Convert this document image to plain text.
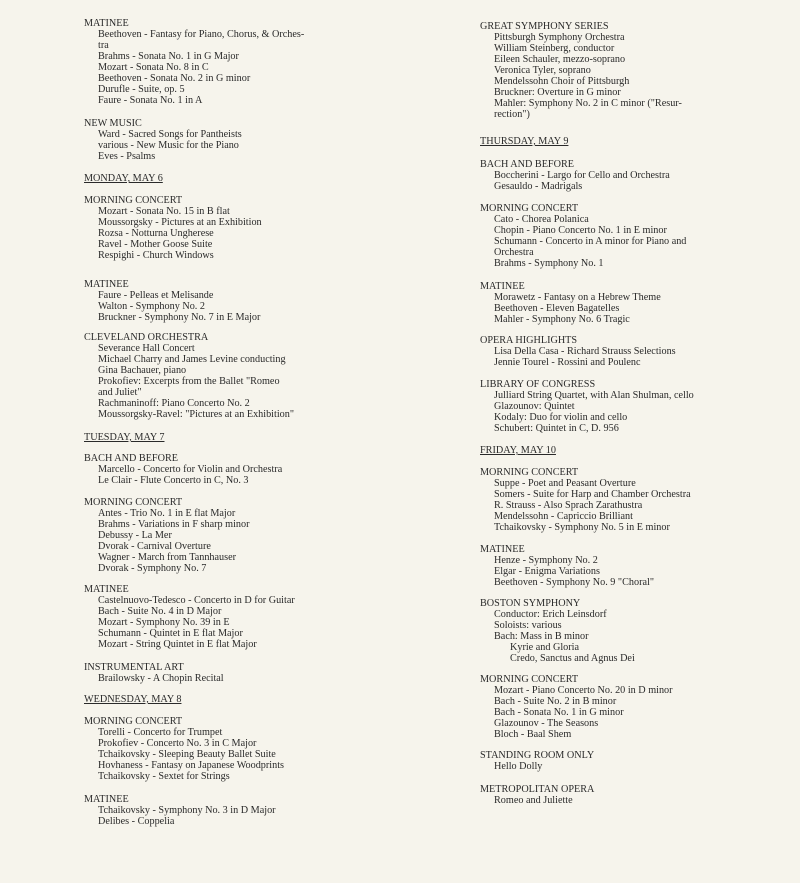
MATINEE
Beethoven - Fantasy for Piano, Chorus, & Orches-
tra
Brahms - Sonata No. 1 in G Major
Mozart - Sonata No. 8 in C
Beethoven - Sonata No. 2 in G minor
Durufle - Suite, op. 5
Faure - Sonata No. 1 in A
NEW MUSIC
Ward - Sacred Songs for Pantheists
various - New Music for the Piano
Eves - Psalms
MONDAY, MAY 6
MORNING CONCERT
Mozart - Sonata No. 15 in B flat
Moussorgsky - Pictures at an Exhibition
Rozsa - Notturna Ungherese
Ravel - Mother Goose Suite
Respighi - Church Windows
MATINEE
Faure - Pelleas et Melisande
Walton - Symphony No. 2
Bruckner - Symphony No. 7 in E Major
CLEVELAND ORCHESTRA
Severance Hall Concert
Michael Charry and James Levine conducting
Gina Bachauer, piano
Prokofiev: Excerpts from the Ballet "Romeo
and Juliet"
Rachmaninoff: Piano Concerto No. 2
Moussorgsky-Ravel: "Pictures at an Exhibition"
TUESDAY, MAY 7
BACH AND BEFORE
Marcello - Concerto for Violin and Orchestra
Le Clair - Flute Concerto in C, No. 3
MORNING CONCERT
Antes - Trio No. 1 in E flat Major
Brahms - Variations in F sharp minor
Debussy - La Mer
Dvorak - Carnival Overture
Wagner - March from Tannhauser
Dvorak - Symphony No. 7
MATINEE
Castelnuovo-Tedesco - Concerto in D for Guitar
Bach - Suite No. 4 in D Major
Mozart - Symphony No. 39 in E
Schumann - Quintet in E flat Major
Mozart - String Quintet in E flat Major
INSTRUMENTAL ART
Brailowsky - A Chopin Recital
WEDNESDAY, MAY 8
MORNING CONCERT
Torelli - Concerto for Trumpet
Prokofiev - Concerto No. 3 in C Major
Tchaikovsky - Sleeping Beauty Ballet Suite
Hovhaness - Fantasy on Japanese Woodprints
Tchaikovsky - Sextet for Strings
MATINEE
Tchaikovsky - Symphony No. 3 in D Major
Delibes - Coppelia
GREAT SYMPHONY SERIES
Pittsburgh Symphony Orchestra
William Steinberg, conductor
Eileen Schauler, mezzo-soprano
Veronica Tyler, soprano
Mendelssohn Choir of Pittsburgh
Bruckner: Overture in G minor
Mahler: Symphony No. 2 in C minor ("Resur-
rection")
THURSDAY, MAY 9
BACH AND BEFORE
Boccherini - Largo for Cello and Orchestra
Gesauldo - Madrigals
MORNING CONCERT
Cato - Chorea Polanica
Chopin - Piano Concerto No. 1 in E minor
Schumann - Concerto in A minor for Piano and
Orchestra
Brahms - Symphony No. 1
MATINEE
Morawetz - Fantasy on a Hebrew Theme
Beethoven - Eleven Bagatelles
Mahler - Symphony No. 6 Tragic
OPERA HIGHLIGHTS
Lisa Della Casa - Richard Strauss Selections
Jennie Tourel - Rossini and Poulenc
LIBRARY OF CONGRESS
Julliard String Quartet, with Alan Shulman, cello
Glazounov: Quintet
Kodaly: Duo for violin and cello
Schubert: Quintet in C, D. 956
FRIDAY, MAY 10
MORNING CONCERT
Suppe - Poet and Peasant Overture
Somers - Suite for Harp and Chamber Orchestra
R. Strauss - Also Sprach Zarathustra
Mendelssohn - Capriccio Brilliant
Tchaikovsky - Symphony No. 5 in E minor
MATINEE
Henze - Symphony No. 2
Elgar - Enigma Variations
Beethoven - Symphony No. 9 "Choral"
BOSTON SYMPHONY
Conductor: Erich Leinsdorf
Soloists: various
Bach: Mass in B minor
Kyrie and Gloria
Credo, Sanctus and Agnus Dei
MORNING CONCERT
Mozart - Piano Concerto No. 20 in D minor
Bach - Suite No. 2 in B minor
Bach - Sonata No. 1 in G minor
Glazounov - The Seasons
Bloch - Baal Shem
STANDING ROOM ONLY
Hello Dolly
METROPOLITAN OPERA
Romeo and Juliette
